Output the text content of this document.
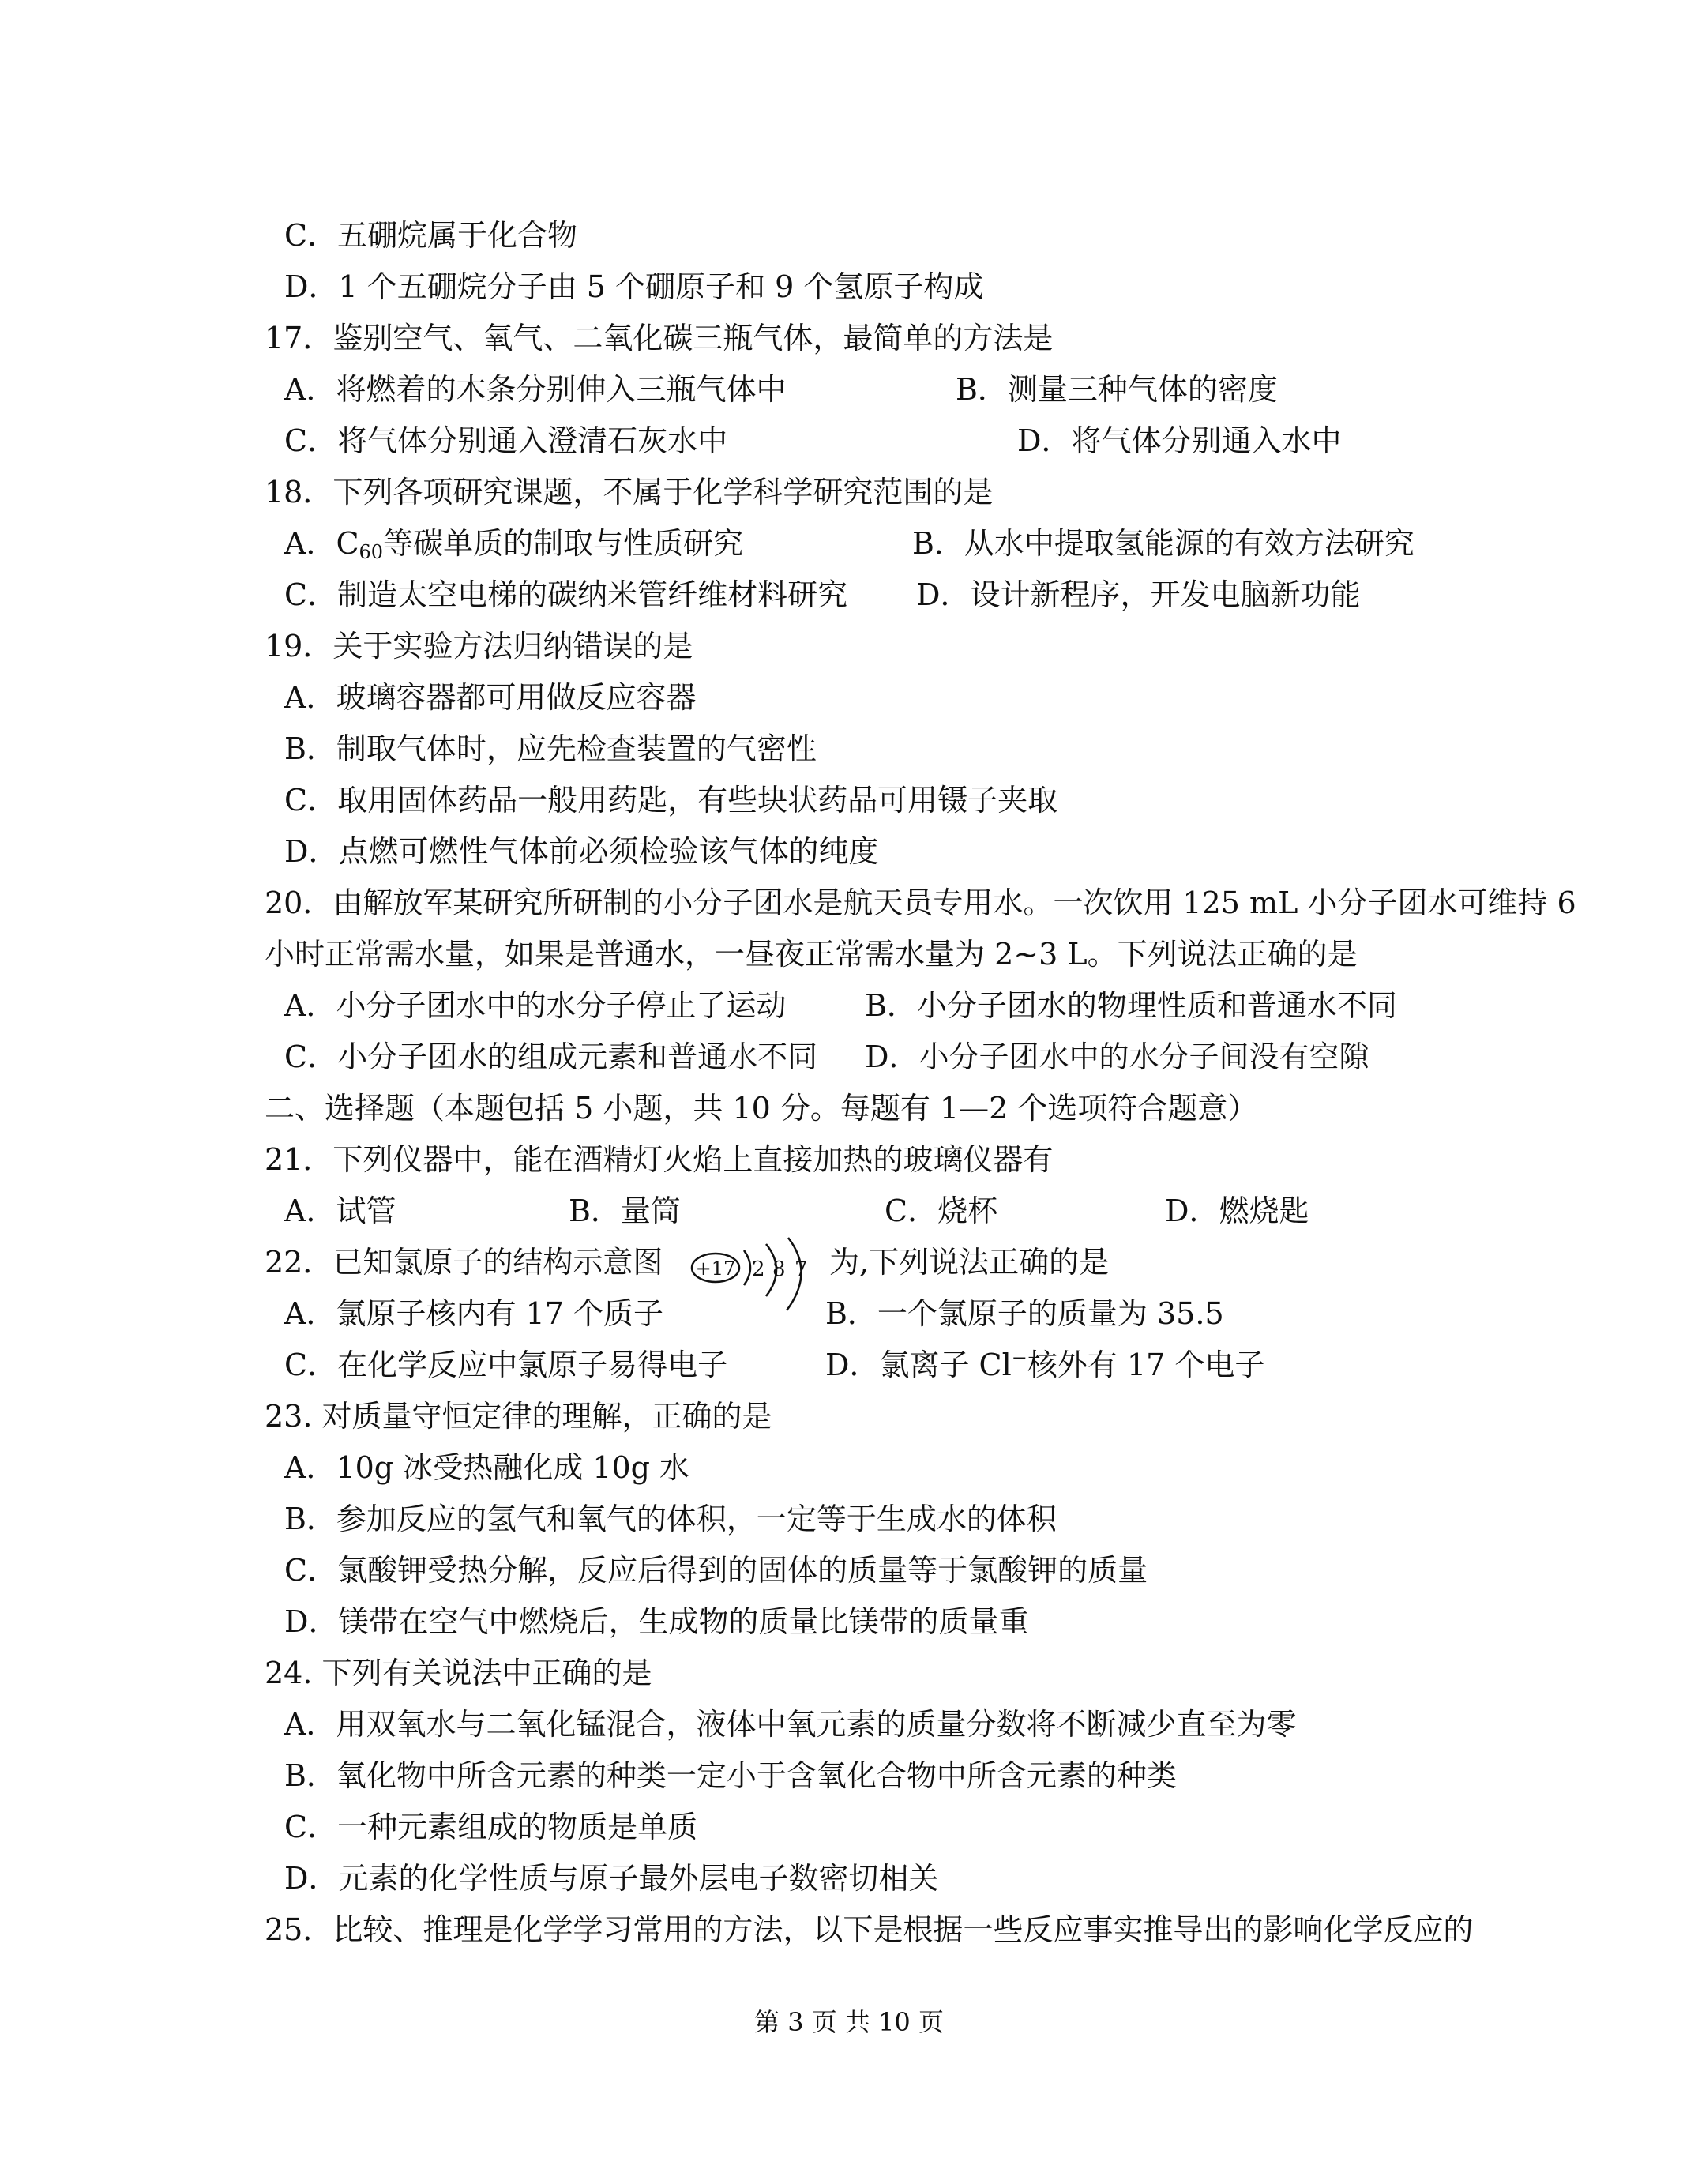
C．五硼烷属于化合物
D．1 个五硼烷分子由 5 个硼原子和 9 个氢原子构成
17．鉴别空气、氧气、二氧化碳三瓶气体，最简单的方法是
A．将燃着的木条分别伸入三瓶气体中	B．测量三种气体的密度
C．将气体分别通入澄清石灰水中	D．将气体分别通入水中
18．下列各项研究课题，不属于化学科学研究范围的是
A．$C_{60}$等碳单质的制取与性质研究	B．从水中提取氢能源的有效方法研究
C．制造太空电梯的碳纳米管纤维材料研究 D．设计新程序，开发电脑新功能
19．关于实验方法归纳错误的是
A．玻璃容器都可用做反应容器
B．制取气体时，应先检查装置的气密性
C．取用固体药品一般用药匙，有些块状药品可用镊子夹取
D．点燃可燃性气体前必须检验该气体的纯度
20．由解放军某研究所研制的小分子团水是航天员专用水。一次饮用 125 mL 小分子团水可维持 6
小时正常需水量，如果是普通水，一昼夜正常需水量为 2~3 L。下列说法正确的是
A．小分子团水中的水分子停止了运动	B．小分子团水的物理性质和普通水不同
C．小分子团水的组成元素和普通水不同 D．小分子团水中的水分子间没有空隙
二、选择题（本题包括 5 小题，共 10 分。每题有 1—2 个选项符合题意）
21．下列仪器中，能在酒精灯火焰上直接加热的玻璃仪器有
A．试管	B．量筒	C．烧杯	D．燃烧匙
22．已知氯原子的结构示意图 +17 2 8 7 为,下列说法正确的是
A．氯原子核内有 17 个质子	B．一个氯原子的质量为 35.5
C．在化学反应中氯原子易得电子	D．氯离子 Cl−核外有 17 个电子
23. 对质量守恒定律的理解，正确的是
A．10g 冰受热融化成 10g 水
B．参加反应的氢气和氧气的体积，一定等于生成水的体积
C．氯酸钾受热分解，反应后得到的固体的质量等于氯酸钾的质量
D．镁带在空气中燃烧后，生成物的质量比镁带的质量重
24. 下列有关说法中正确的是
A．用双氧水与二氧化锰混合，液体中氧元素的质量分数将不断减少直至为零
B．氧化物中所含元素的种类一定小于含氧化合物中所含元素的种类
C．一种元素组成的物质是单质
D．元素的化学性质与原子最外层电子数密切相关
25．比较、推理是化学学习常用的方法，以下是根据一些反应事实推导出的影响化学反应的
第 3 页 共 10 页
